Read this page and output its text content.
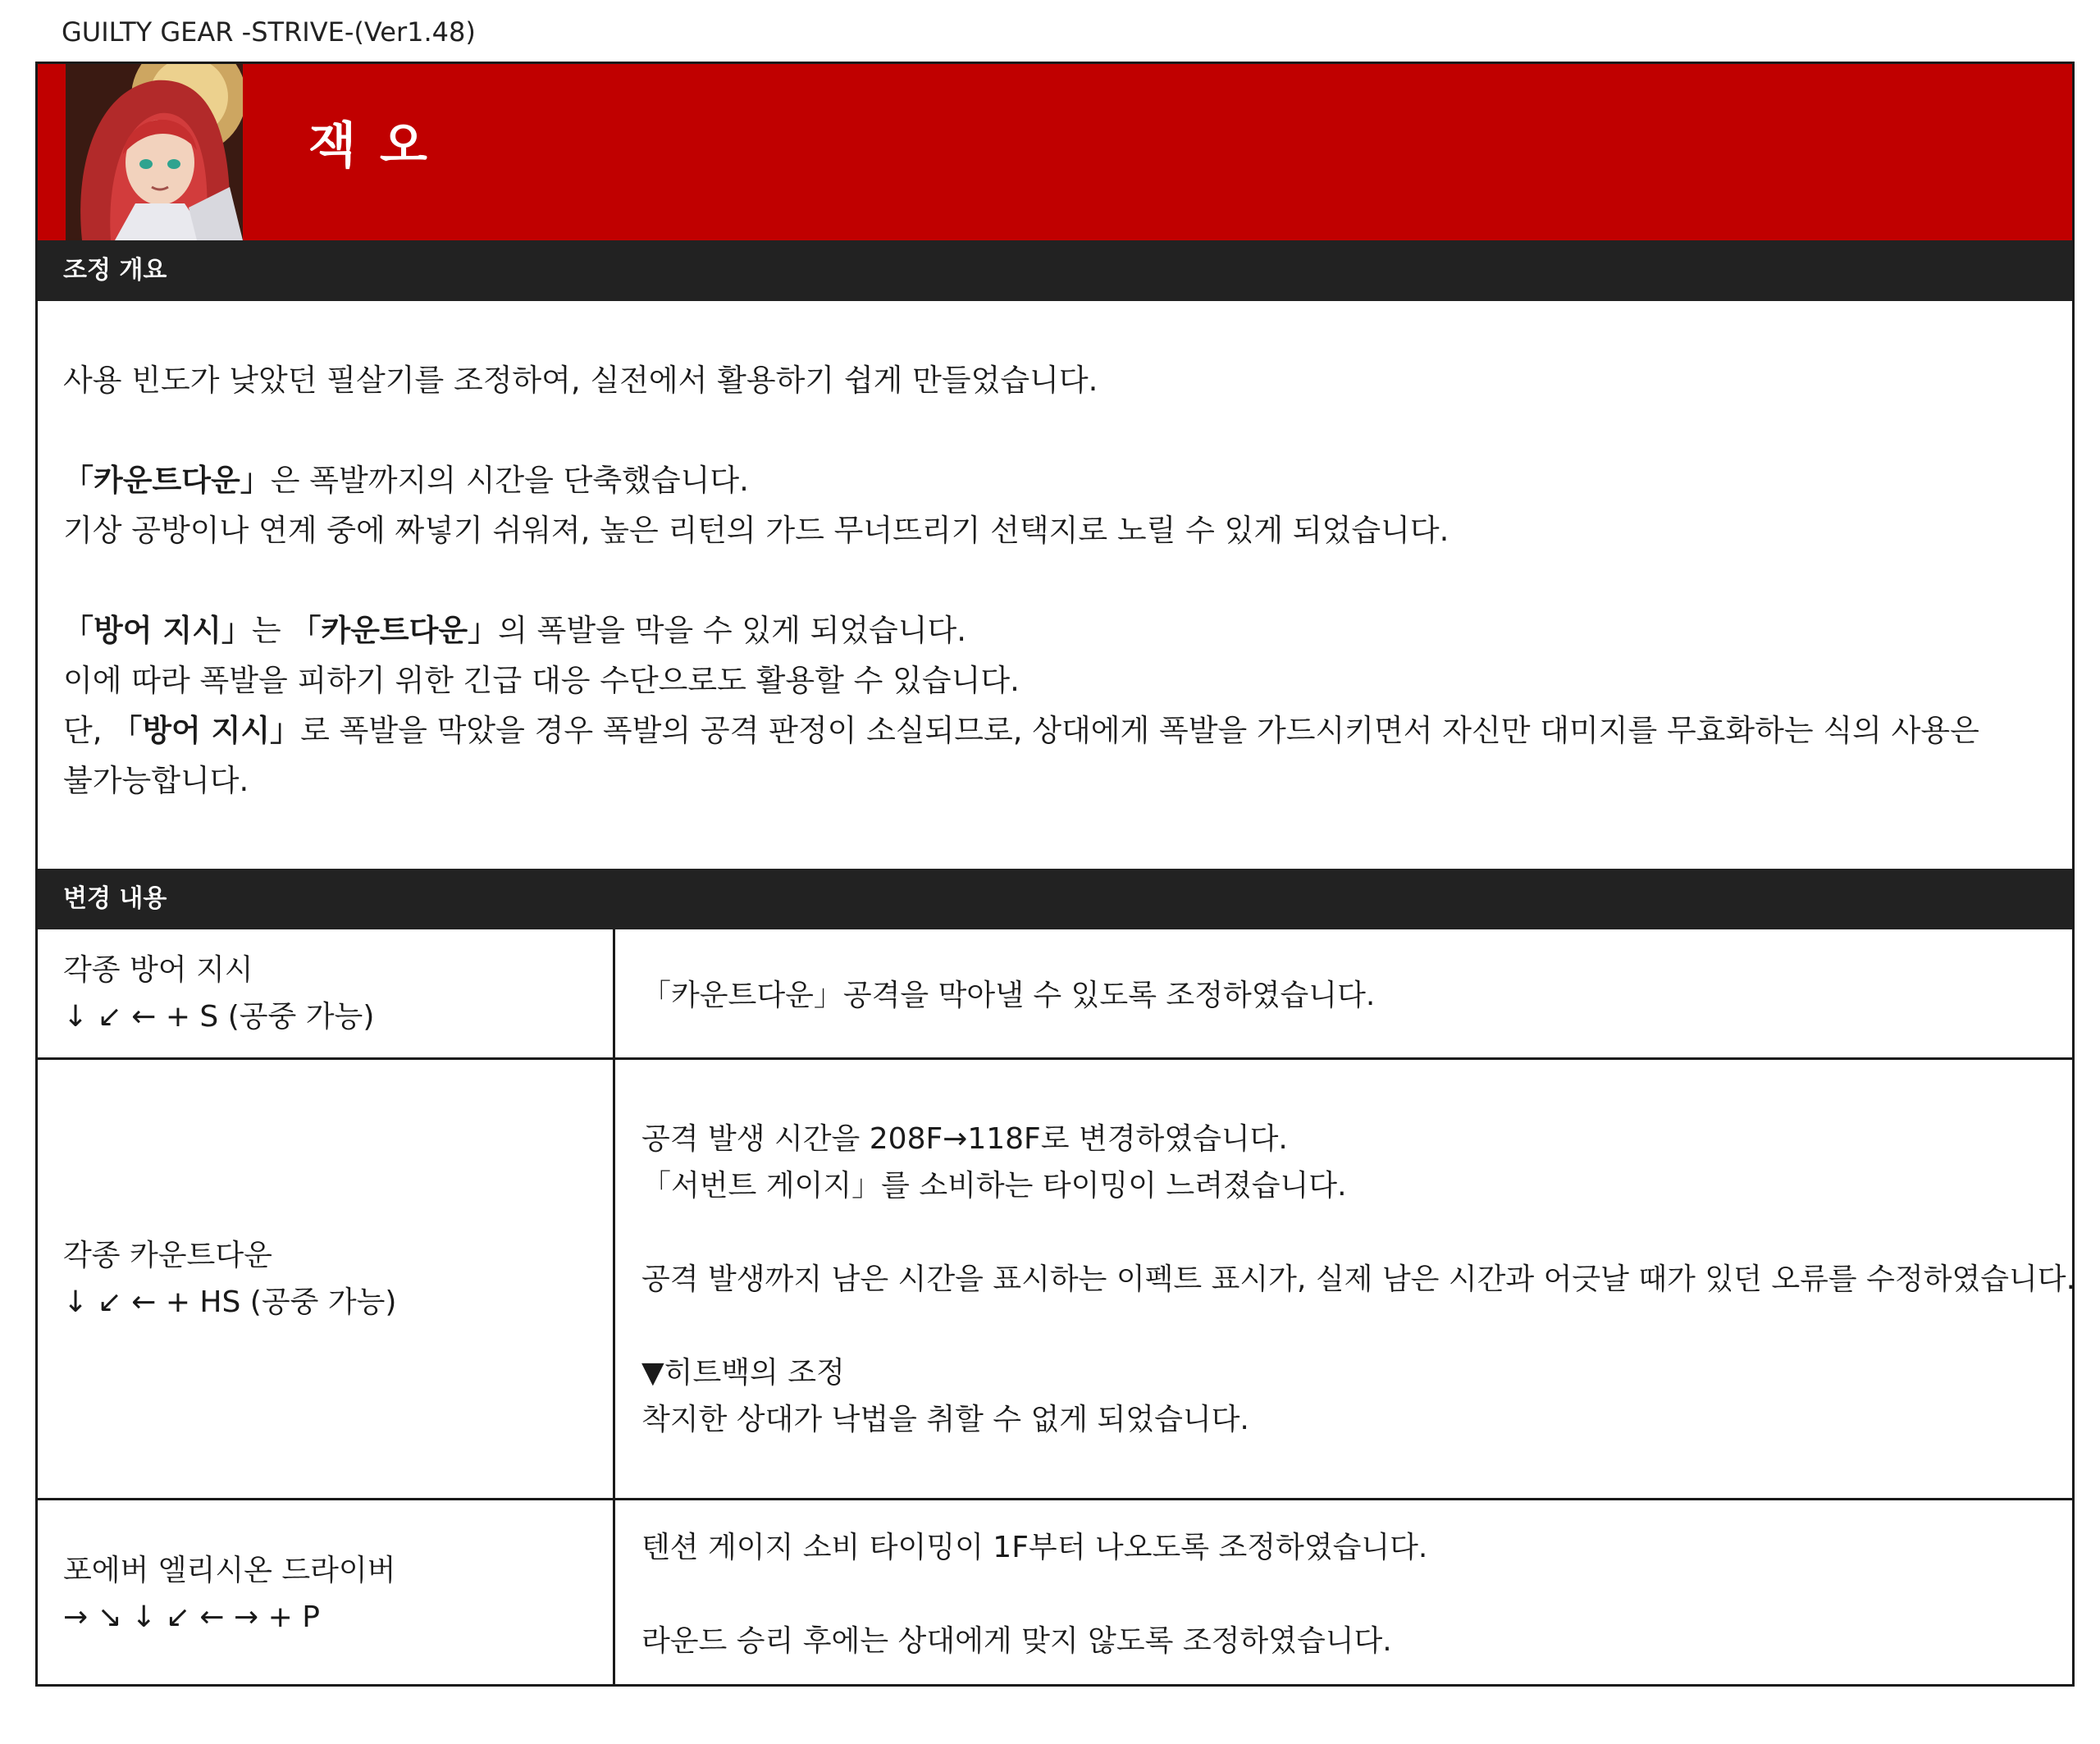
GUILTY GEAR -STRIVE-(Ver1.48)
잭 오
조정 개요

사용 빈도가 낮았던 필살기를 조정하여, 실전에서 활용하기 쉽게 만들었습니다.

「카운트다운」은 폭발까지의 시간을 단축했습니다.

기상 공방이나 연계 중에 짜넣기 쉬워져, 높은 리턴의 가드 무너뜨리기 선택지로 노릴 수 있게 되었습니다.

「방어 지시」는 「카운트다운」의 폭발을 막을 수 있게 되었습니다.

이에 따라 폭발을 피하기 위한 긴급 대응 수단으로도 활용할 수 있습니다.

단, 「방어 지시」로 폭발을 막았을 경우 폭발의 공격 판정이 소실되므로, 상대에게 폭발을 가드시키면서 자신만 대미지를 무효화하는 식의 사용은

불가능합니다.

변경 내용
각종 방어 지시
↓ ↙ ← + S (공중 가능)
「카운트다운」공격을 막아낼 수 있도록 조정하였습니다.
각종 카운트다운
↓ ↙ ← + HS (공중 가능)
공격 발생 시간을 208F→118F로 변경하였습니다.
「서번트 게이지」를 소비하는 타이밍이 느려졌습니다.
공격 발생까지 남은 시간을 표시하는 이펙트 표시가, 실제 남은 시간과 어긋날 때가 있던 오류를 수정하였습니다.
▼히트백의 조정
착지한 상대가 낙법을 취할 수 없게 되었습니다.
포에버 엘리시온 드라이버
→ ↘ ↓ ↙ ← → + P
텐션 게이지 소비 타이밍이 1F부터 나오도록 조정하였습니다.
라운드 승리 후에는 상대에게 맞지 않도록 조정하였습니다.
